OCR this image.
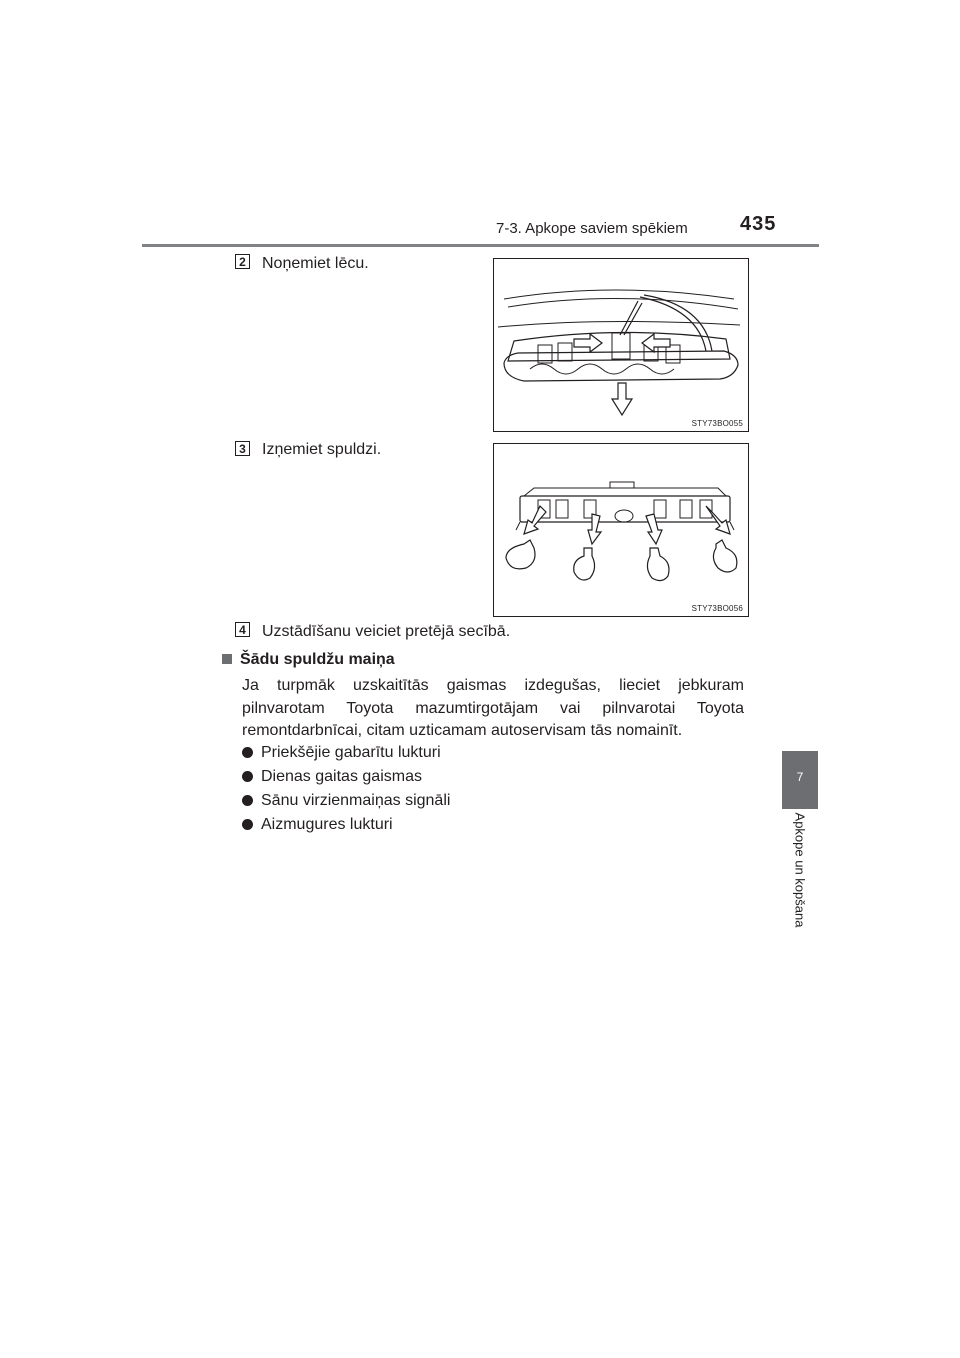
7-3. Apkope saviem spēkiem	435
7
Apkope un kopšana
2 Noņemiet lēcu.
STY73BO055
3 Izņemiet spuldzi.
STY73BO056
4 Uzstādīšanu veiciet pretējā secībā.
Šādu spuldžu maiņa
Ja turpmāk uzskaitītās gaismas izdegušas, lieciet jebkuram pilnvarotam Toyota mazumtirgotājam vai pilnvarotai Toyota remontdarbnīcai, citam uzticamam autoservisam tās nomainīt.
Priekšējie gabarītu lukturi
Dienas gaitas gaismas
Sānu virzienmaiņas signāli
Aizmugures lukturi
